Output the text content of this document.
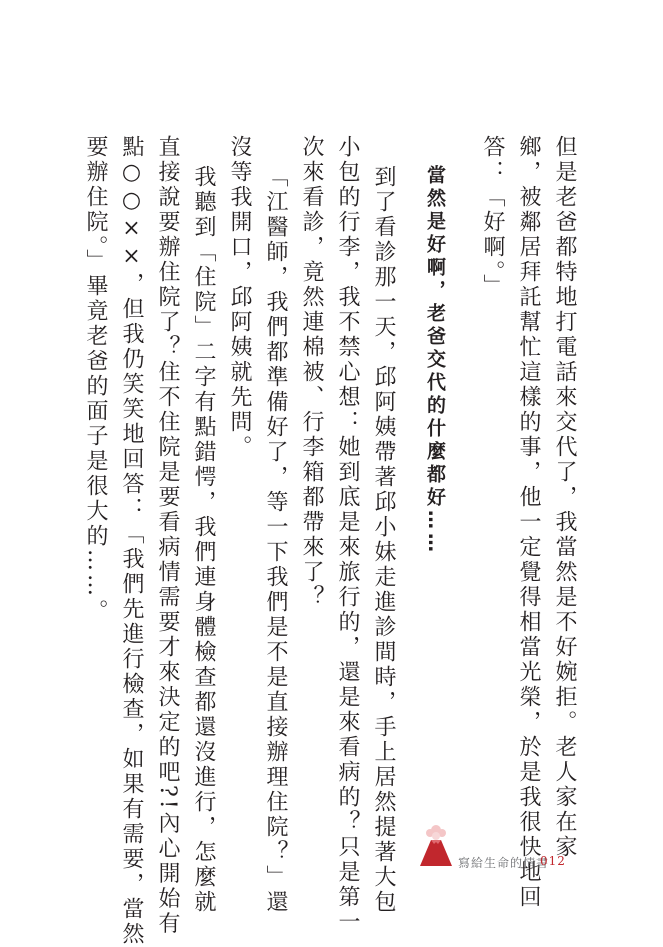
但是老爸都特地打電話來交代了，我當然是不好婉拒。老人家在家
鄉，被鄰居拜託幫忙這樣的事，他一定覺得相當光榮，於是我很快地回
答：「好啊。」
當然是好啊，老爸交代的什麼都好……
到了看診那一天，邱阿姨帶著邱小妹走進診間時，手上居然提著大包
小包的行李，我不禁心想：她到底是來旅行的，還是來看病的？只是第一
次來看診，竟然連棉被、行李箱都帶來了？
「江醫師，我們都準備好了，等一下我們是不是直接辦理住院？」還
沒等我開口，邱阿姨就先問。
我聽到「住院」二字有點錯愕，我們連身體檢查都還沒進行，怎麼就
直接說要辦住院了？住不住院是要看病情需要才來決定的吧?!內心開始有
點○○××，但我仍笑笑地回答：「我們先進行檢查，如果有需要，當然
要辦住院。」畢竟老爸的面子是很大的……。
寫給生命的情書
012
